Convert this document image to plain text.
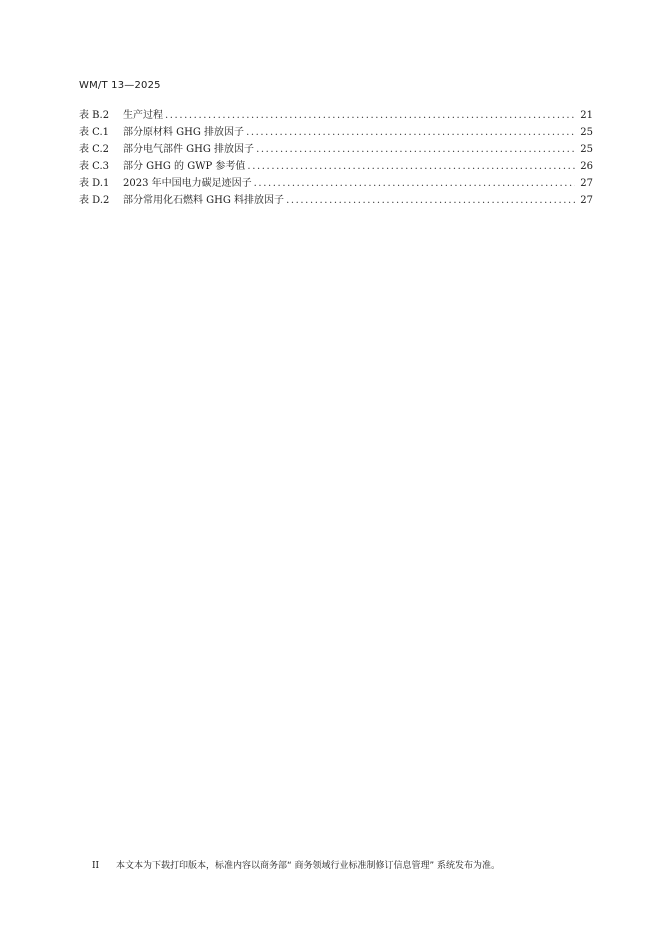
WM/T 13—2025
表 B.2	生产过程 .....	21
表 C.1	部分原材料 GHG 排放因子 .....	25
表 C.2	部分电气部件 GHG 排放因子 .....	25
表 C.3	部分 GHG 的 GWP 参考值 .....	26
表 D.1	2023 年中国电力碳足迹因子 .....	27
表 D.2	部分常用化石燃料 GHG 料排放因子 .....	27
II	本文本为下载打印版本，标准内容以商务部“ 商务领域行业标准制修订信息管理” 系统发布为准。
